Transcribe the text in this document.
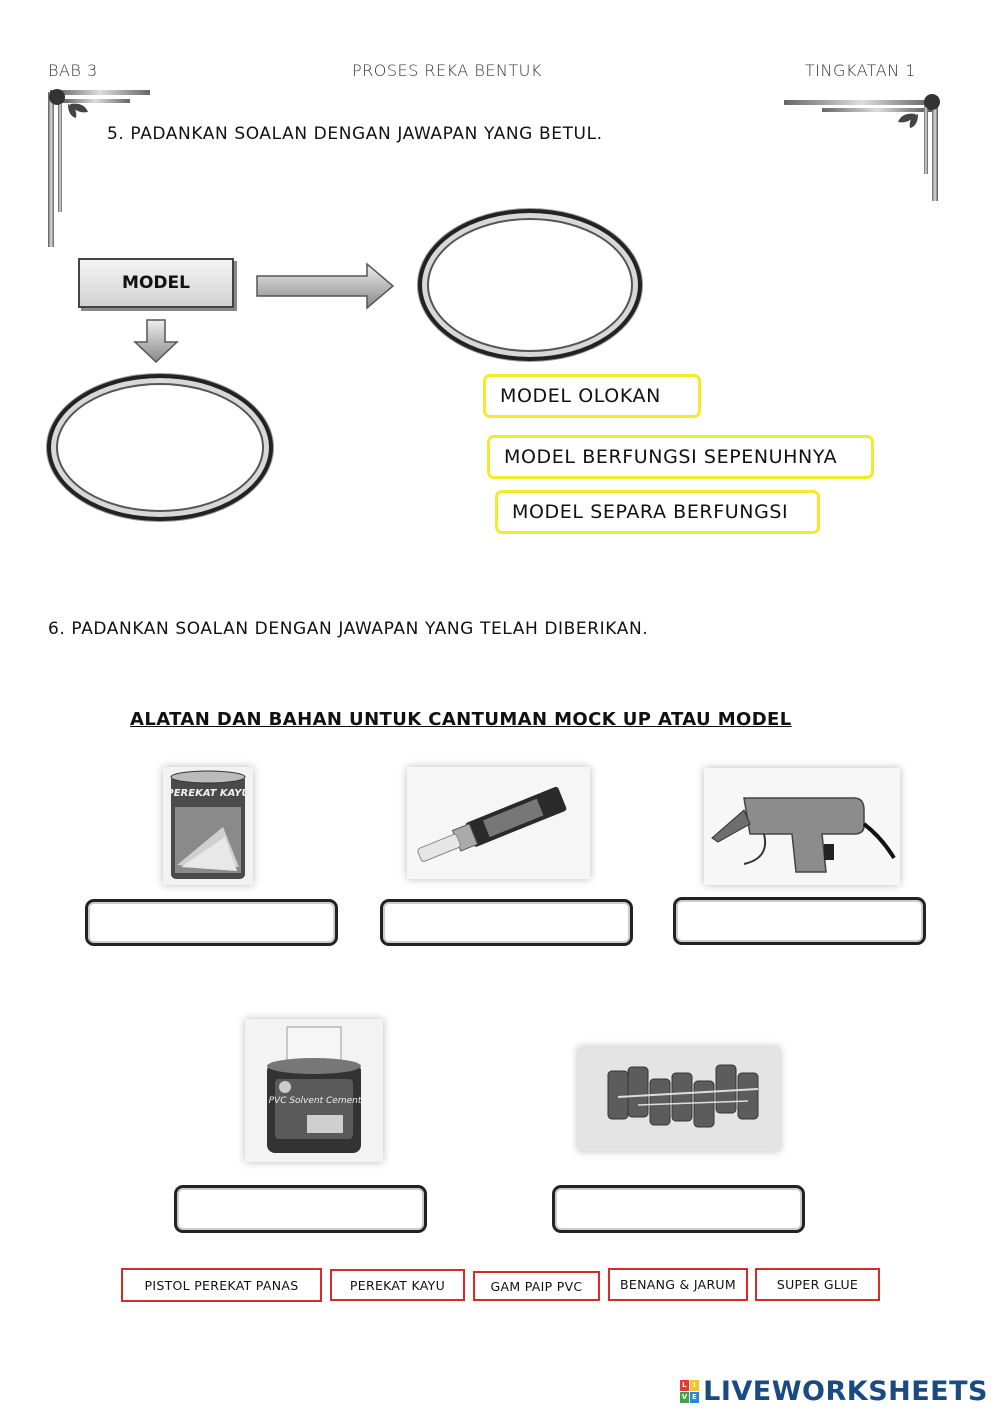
BAB 3	PROSES REKA BENTUK	TINGKATAN 1
5. PADANKAN SOALAN DENGAN JAWAPAN YANG BETUL.
MODEL
MODEL OLOKAN
MODEL BERFUNGSI SEPENUHNYA
MODEL SEPARA BERFUNGSI
6. PADANKAN SOALAN DENGAN JAWAPAN YANG TELAH DIBERIKAN.
ALATAN DAN BAHAN UNTUK CANTUMAN MOCK UP ATAU MODEL
PEREKAT KAYU
PVC Solvent Cement
PISTOL PEREKAT PANAS	PEREKAT KAYU	GAM PAIP PVC	BENANG & JARUM	SUPER GLUE
L I
V E LIVEWORKSHEETS
